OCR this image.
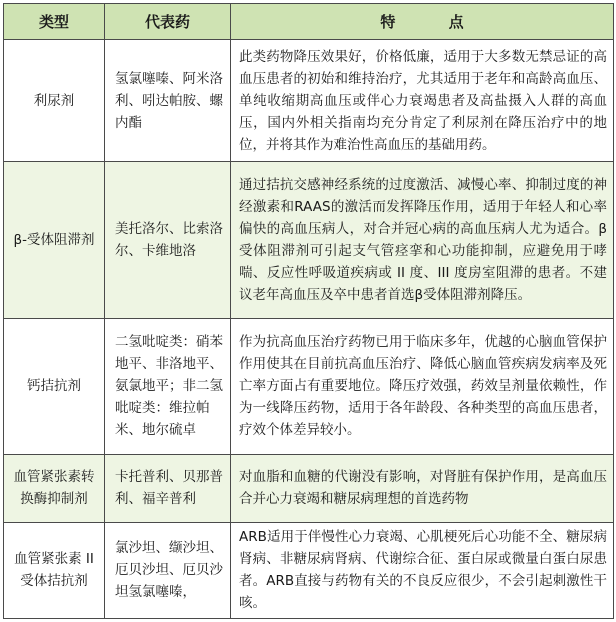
类型	代表药	特 点
利尿剂	氢氯噻嗪、阿米洛利、吲达帕胺、螺内酯	此类药物降压效果好，价格低廉，适用于大多数无禁忌证的高血压患者的初始和维持治疗，尤其适用于老年和高龄高血压、单纯收缩期高血压或伴心力衰竭患者及高盐摄入人群的高血压，国内外相关指南均充分肯定了利尿剂在降压治疗中的地位，并将其作为难治性高血压的基础用药。
β-受体阻滞剂	美托洛尔、比索洛尔、卡维地洛	通过拮抗交感神经系统的过度激活、减慢心率、抑制过度的神经激素和RAAS的激活而发挥降压作用，适用于年轻人和心率偏快的高血压病人，对合并冠心病的高血压病人尤为适合。β受体阻滞剂可引起支气管痉挛和心功能抑制，应避免用于哮喘、反应性呼吸道疾病或 II 度、III 度房室阻滞的患者。不建议老年高血压及卒中患者首选β受体阻滞剂降压。
钙拮抗剂	二氢吡啶类：硝苯地平、非洛地平、氨氯地平；非二氢吡啶类：维拉帕米、地尔硫卓	作为抗高血压治疗药物已用于临床多年，优越的心脑血管保护作用使其在目前抗高血压治疗、降低心脑血管疾病发病率及死亡率方面占有重要地位。降压疗效强，药效呈剂量依赖性，作为一线降压药物，适用于各年龄段、各种类型的高血压患者，疗效个体差异较小。
血管紧张素转换酶抑制剂	卡托普利、贝那普利、福辛普利	对血脂和血糖的代谢没有影响，对肾脏有保护作用，是高血压合并心力衰竭和糖尿病理想的首选药物
血管紧张素 II 受体拮抗剂	氯沙坦、缬沙坦、厄贝沙坦、厄贝沙坦氢氯噻嗪，	ARB适用于伴慢性心力衰竭、心肌梗死后心功能不全、糖尿病肾病、非糖尿病肾病、代谢综合征、蛋白尿或微量白蛋白尿患者。ARB直接与药物有关的不良反应很少，不会引起刺激性干咳。
